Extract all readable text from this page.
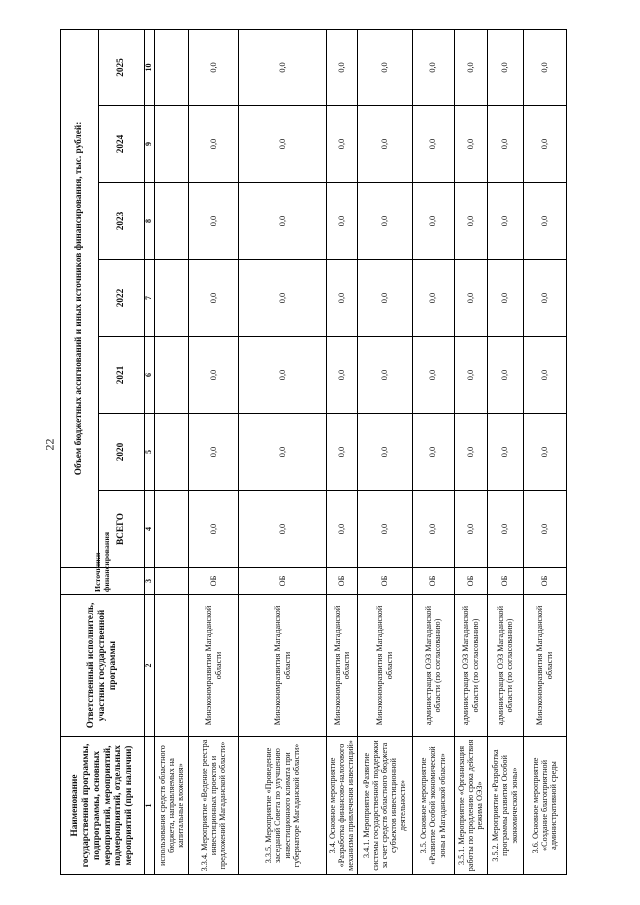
22
Наименование государственной программы, подпрограммы, основных мероприятий, мероприятий, подмероприятий, отдельных мероприятий (при наличии)	Ответственный исполнитель, участник государственной программы	Источники финансирования	Объем бюджетных ассигнований и иных источников финансирования, тыс. рублей:						
			ВСЕГО	2020	2021	2022	2023	2024	2025
1	2	3	4	5	6	7	8	9	10
использования средств областного бюджета, направляемых на капитальные вложения»									
3.3.4. Мероприятие «Ведение реестра инвестиционных проектов и предложений Магаданской области»	Минэкономразвития Магаданской области	ОБ	0,0	0,0	0,0	0,0	0,0	0,0	0,0
3.3.5. Мероприятие «Проведение заседаний Совета по улучшению инвестиционного климата при губернаторе Магаданской области»	Минэкономразвития Магаданской области	ОБ	0,0	0,0	0,0	0,0	0,0	0,0	0,0
3.4. Основное мероприятие «Разработка финансово-налогового механизма привлечения инвестиций»	Минэкономразвития Магаданской области	ОБ	0,0	0,0	0,0	0,0	0,0	0,0	0,0
3.4.1. Мероприятие «Развитие системы государственной поддержки за счет средств областного бюджета субъектов инвестиционной деятельности»	Минэкономразвития Магаданской области	ОБ	0,0	0,0	0,0	0,0	0,0	0,0	0,0
3.5. Основное мероприятие «Развитие Особой экономической зоны в Магаданской области»	администрация ОЭЗ Магаданской области (по согласованию)	ОБ	0,0	0,0	0,0	0,0	0,0	0,0	0,0
3.5.1. Мероприятие «Организация работы по продлению срока действия режима ОЭЗ»	администрация ОЭЗ Магаданской области (по согласованию)	ОБ	0,0	0,0	0,0	0,0	0,0	0,0	0,0
3.5.2. Мероприятие «Разработка программы развития Особой экономической зоны»	администрация ОЭЗ Магаданской области (по согласованию)	ОБ	0,0	0,0	0,0	0,0	0,0	0,0	0,0
3.6. Основное мероприятие «Создание благоприятной административной среды	Минэкономразвития Магаданской области	ОБ	0,0	0,0	0,0	0,0	0,0	0,0	0,0
